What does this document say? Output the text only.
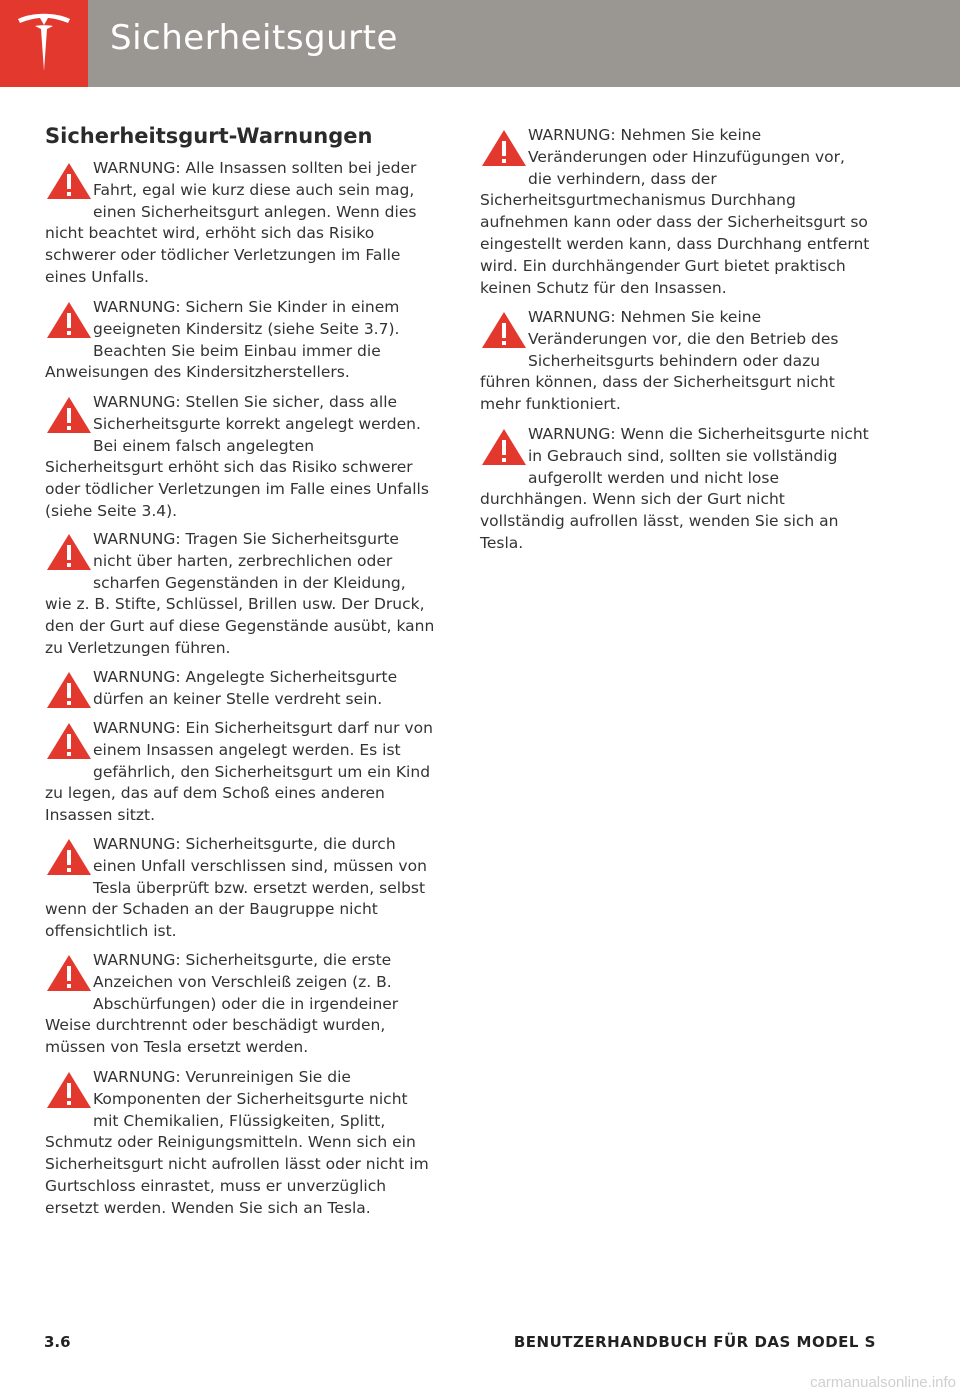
Sicherheitsgurte
Sicherheitsgurt-Warnungen
WARNUNG: Alle Insassen sollten bei jeder Fahrt, egal wie kurz diese auch sein mag, einen Sicherheitsgurt anlegen. Wenn dies nicht beachtet wird, erhöht sich das Risiko schwerer oder tödlicher Verletzungen im Falle eines Unfalls.
WARNUNG: Sichern Sie Kinder in einem geeigneten Kindersitz (siehe Seite 3.7). Beachten Sie beim Einbau immer die Anweisungen des Kindersitzherstellers.
WARNUNG: Stellen Sie sicher, dass alle Sicherheitsgurte korrekt angelegt werden. Bei einem falsch angelegten Sicherheitsgurt erhöht sich das Risiko schwerer oder tödlicher Verletzungen im Falle eines Unfalls (siehe Seite 3.4).
WARNUNG: Tragen Sie Sicherheitsgurte nicht über harten, zerbrechlichen oder scharfen Gegenständen in der Kleidung, wie z. B. Stifte, Schlüssel, Brillen usw. Der Druck, den der Gurt auf diese Gegenstände ausübt, kann zu Verletzungen führen.
WARNUNG: Angelegte Sicherheitsgurte dürfen an keiner Stelle verdreht sein.
WARNUNG: Ein Sicherheitsgurt darf nur von einem Insassen angelegt werden. Es ist gefährlich, den Sicherheitsgurt um ein Kind zu legen, das auf dem Schoß eines anderen Insassen sitzt.
WARNUNG: Sicherheitsgurte, die durch einen Unfall verschlissen sind, müssen von Tesla überprüft bzw. ersetzt werden, selbst wenn der Schaden an der Baugruppe nicht offensichtlich ist.
WARNUNG: Sicherheitsgurte, die erste Anzeichen von Verschleiß zeigen (z. B. Abschürfungen) oder die in irgendeiner Weise durchtrennt oder beschädigt wurden, müssen von Tesla ersetzt werden.
WARNUNG: Verunreinigen Sie die Komponenten der Sicherheitsgurte nicht mit Chemikalien, Flüssigkeiten, Splitt, Schmutz oder Reinigungsmitteln. Wenn sich ein Sicherheitsgurt nicht aufrollen lässt oder nicht im Gurtschloss einrastet, muss er unverzüglich ersetzt werden. Wenden Sie sich an Tesla.
WARNUNG: Nehmen Sie keine Veränderungen oder Hinzufügungen vor, die verhindern, dass der Sicherheitsgurtmechanismus Durchhang aufnehmen kann oder dass der Sicherheitsgurt so eingestellt werden kann, dass Durchhang entfernt wird. Ein durchhängender Gurt bietet praktisch keinen Schutz für den Insassen.
WARNUNG: Nehmen Sie keine Veränderungen vor, die den Betrieb des Sicherheitsgurts behindern oder dazu führen können, dass der Sicherheitsgurt nicht mehr funktioniert.
WARNUNG: Wenn die Sicherheitsgurte nicht in Gebrauch sind, sollten sie vollständig aufgerollt werden und nicht lose durchhängen. Wenn sich der Gurt nicht vollständig aufrollen lässt, wenden Sie sich an Tesla.
3.6	BENUTZERHANDBUCH FÜR DAS MODEL S
carmanualsonline.info
